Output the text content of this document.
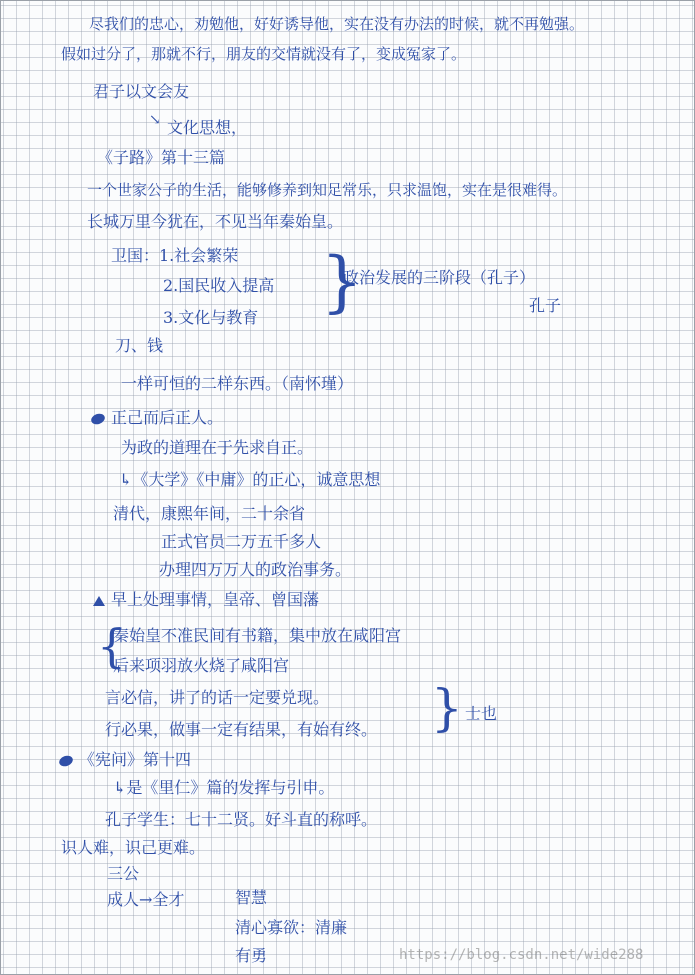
尽我们的忠心，劝勉他，好好诱导他，实在没有办法的时候，就不再勉强。
假如过分了，那就不行，朋友的交情就没有了，变成冤家了。
君子以文会友
↘ 文化思想，
《子路》第十三篇
一个世家公子的生活，能够修养到知足常乐，只求温饱，实在是很难得。
长城万里今犹在，不见当年秦始皇。
卫国：1.社会繁荣
2.国民收入提高
3.文化与教育 }
政治发展的三阶段（孔子）
孔子
刀、钱
一样可恒的二样东西。（南怀瑾）
正己而后正人。
为政的道理在于先求自正。
↳《大学》《中庸》的正心，诚意思想
清代，康熙年间，二十余省
正式官员二万五千多人
办理四万万人的政治事务。
早上处理事情，皇帝、曾国藩
{
秦始皇不准民间有书籍，集中放在咸阳宫
后来项羽放火烧了咸阳宫
言必信，讲了的话一定要兑现。
行必果，做事一定有结果，有始有终。 } 士也
《宪问》第十四
↳是《里仁》篇的发挥与引申。
孔子学生：七十二贤。好斗直的称呼。
识人难，识己更难。
三公
成人→全才	智慧
清心寡欲：清廉
有勇	https://blog.csdn.net/wide288
